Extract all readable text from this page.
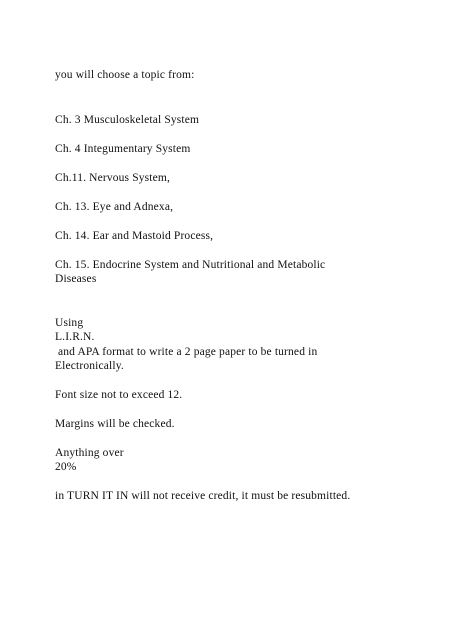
you will choose a topic from:
Ch. 3 Musculoskeletal System
Ch. 4 Integumentary System
Ch.11. Nervous System,
Ch. 13. Eye and Adnexa,
Ch. 14. Ear and Mastoid Process,
Ch. 15. Endocrine System and Nutritional and Metabolic
Diseases
Using
L.I.R.N.
and APA format to write a 2 page paper to be turned in
Electronically.
Font size not to exceed 12.
Margins will be checked.
Anything over
20%
in TURN IT IN will not receive credit, it must be resubmitted.
